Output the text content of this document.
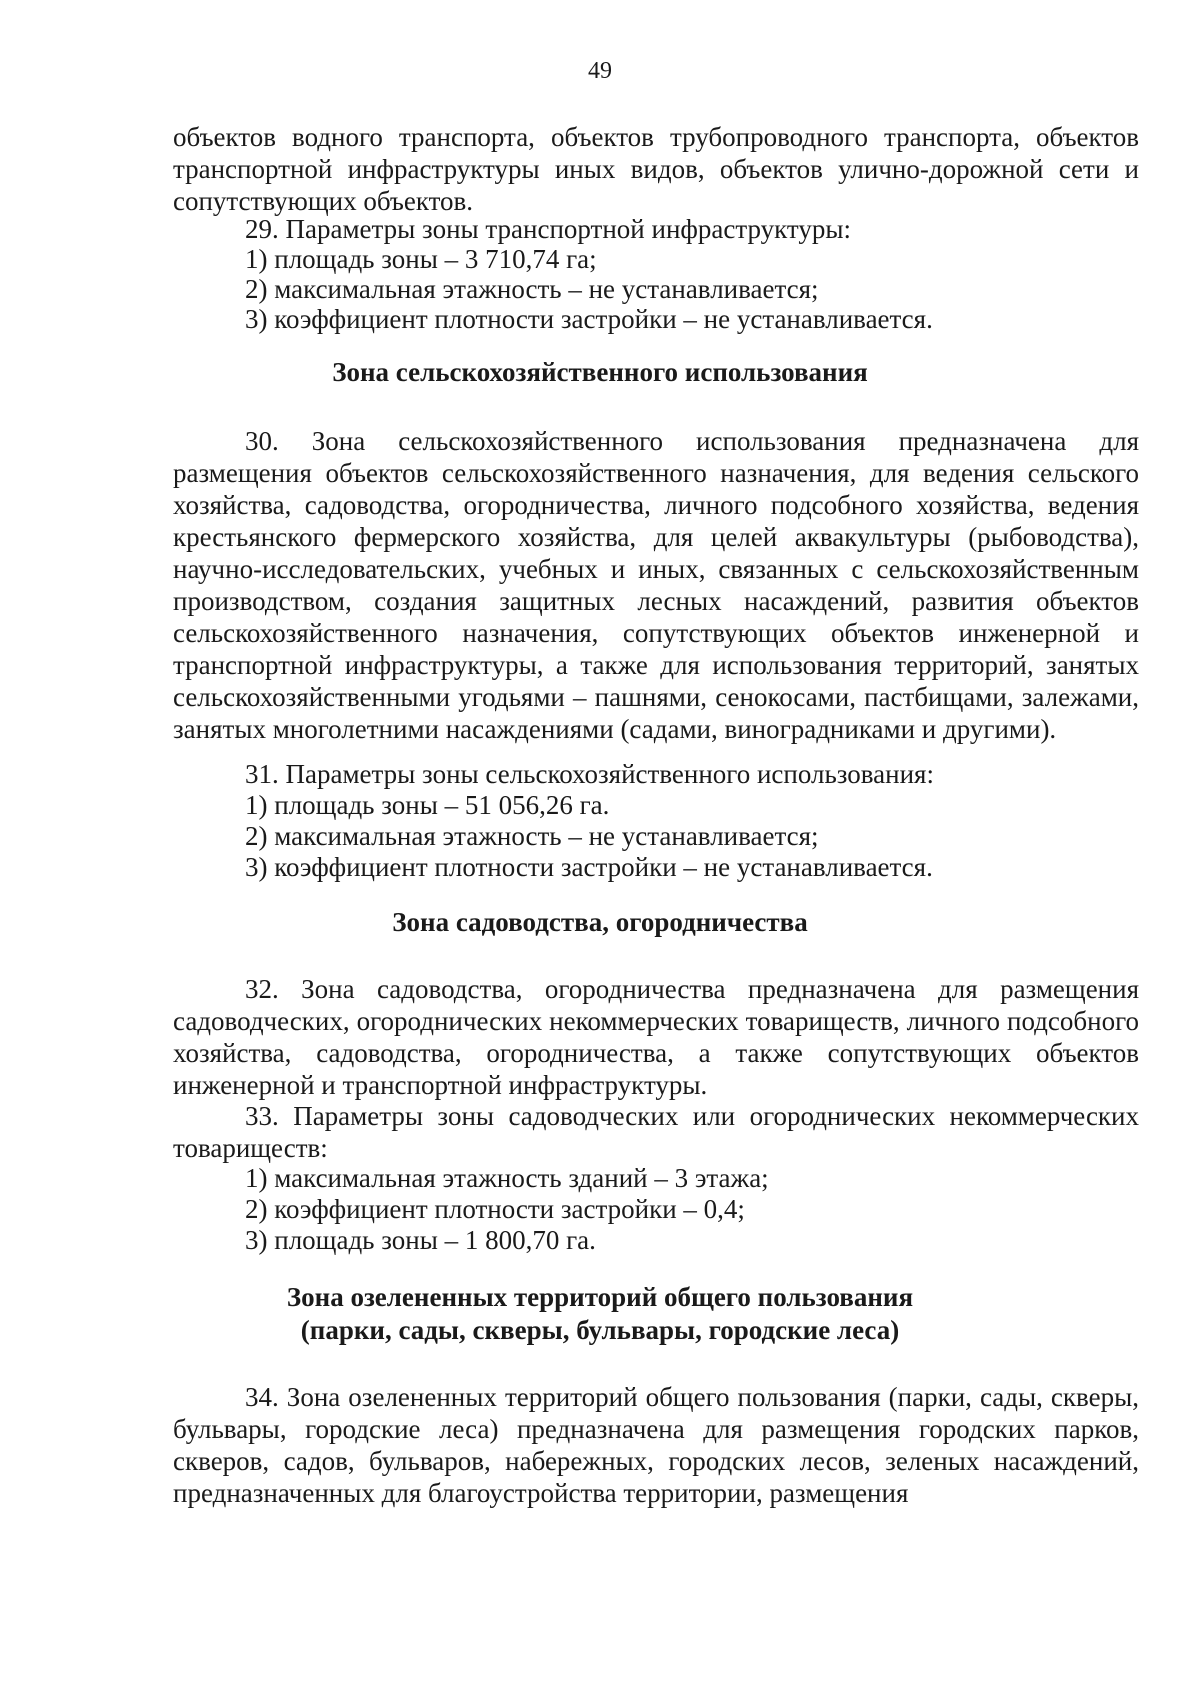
49

объектов водного транспорта, объектов трубопроводного транспорта, объектов транспортной инфраструктуры иных видов, объектов улично-дорожной сети и сопутствующих объектов.

29. Параметры зоны транспортной инфраструктуры:

1) площадь зоны – 3 710,74 га;

2) максимальная этажность – не устанавливается;

3) коэффициент плотности застройки – не устанавливается.

Зона сельскохозяйственного использования

30. Зона сельскохозяйственного использования предназначена для размещения объектов сельскохозяйственного назначения, для ведения сельского хозяйства, садоводства, огородничества, личного подсобного хозяйства, ведения крестьянского фермерского хозяйства, для целей аквакультуры (рыбоводства), научно-исследовательских, учебных и иных, связанных с сельскохозяйственным производством, создания защитных лесных насаждений, развития объектов сельскохозяйственного назначения, сопутствующих объектов инженерной и транспортной инфраструктуры, а также для использования территорий, занятых сельскохозяйственными угодьями – пашнями, сенокосами, пастбищами, залежами, занятых многолетними насаждениями (садами, виноградниками и другими).

31. Параметры зоны сельскохозяйственного использования:

1) площадь зоны – 51 056,26 га.

2) максимальная этажность – не устанавливается;

3) коэффициент плотности застройки – не устанавливается.

Зона садоводства, огородничества

32. Зона садоводства, огородничества предназначена для размещения садоводческих, огороднических некоммерческих товариществ, личного подсобного хозяйства, садоводства, огородничества, а также сопутствующих объектов инженерной и транспортной инфраструктуры.

33. Параметры зоны садоводческих или огороднических некоммерческих товариществ:

1) максимальная этажность зданий – 3 этажа;

2) коэффициент плотности застройки – 0,4;

3) площадь зоны – 1 800,70 га.

Зона озелененных территорий общего пользования
(парки, сады, скверы, бульвары, городские леса)

34. Зона озелененных территорий общего пользования (парки, сады, скверы, бульвары, городские леса) предназначена для размещения городских парков, скверов, садов, бульваров, набережных, городских лесов, зеленых насаждений, предназначенных для благоустройства территории, размещения
